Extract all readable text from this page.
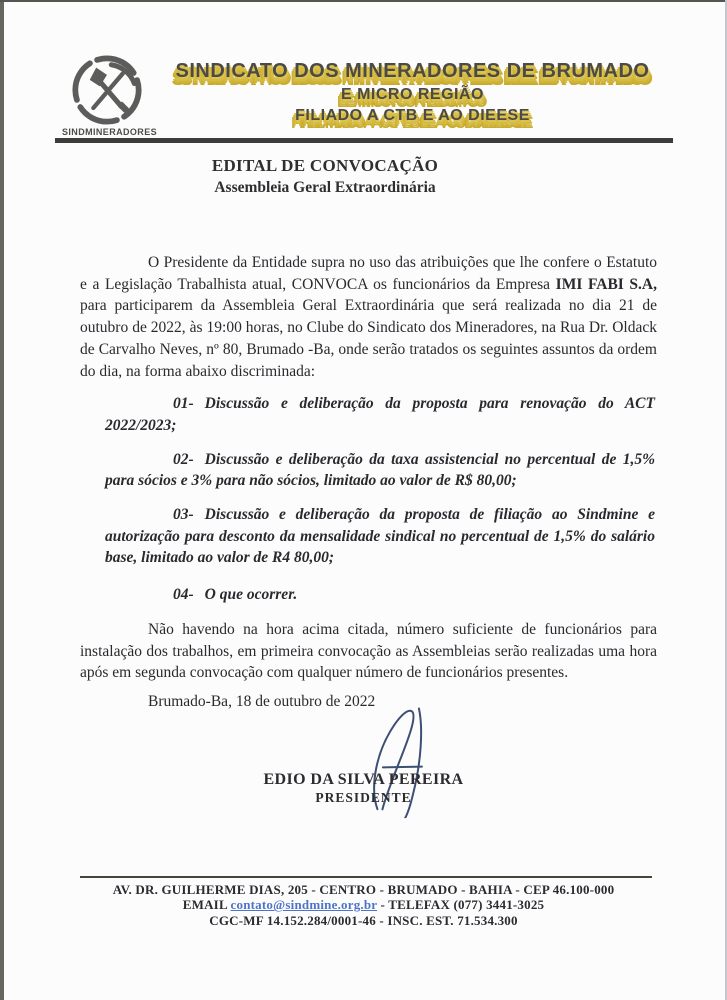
SINDMINERADORES
SINDICATO DOS MINERADORES DE BRUMADO
E MICRO REGIÃO
FILIADO A CTB E AO DIEESE
EDITAL DE CONVOCAÇÃO
Assembleia Geral Extraordinária

O Presidente da Entidade supra no uso das atribuições que lhe confere o Estatuto e a Legislação Trabalhista atual, CONVOCA os funcionários da Empresa IMI FABI S.A, para participarem da Assembleia Geral Extraordinária que será realizada no dia 21 de outubro de 2022, às 19:00 horas, no Clube do Sindicato dos Mineradores, na Rua Dr. Oldack de Carvalho Neves, nº 80, Brumado -Ba, onde serão tratados os seguintes assuntos da ordem do dia, na forma abaixo discriminada:

01- Discussão e deliberação da proposta para renovação do ACT 2022/2023;

02- Discussão e deliberação da taxa assistencial no percentual de 1,5% para sócios e 3% para não sócios, limitado ao valor de R$ 80,00;

03- Discussão e deliberação da proposta de filiação ao Sindmine e autorização para desconto da mensalidade sindical no percentual de 1,5% do salário base, limitado ao valor de R4 80,00;

04- O que ocorrer.

Não havendo na hora acima citada, número suficiente de funcionários para instalação dos trabalhos, em primeira convocação as Assembleias serão realizadas uma hora após em segunda convocação com qualquer número de funcionários presentes.

Brumado-Ba, 18 de outubro de 2022

EDIO DA SILVA PEREIRA
PRESIDENTE
AV. DR. GUILHERME DIAS, 205 - CENTRO - BRUMADO - BAHIA - CEP 46.100-000
EMAIL contato@sindmine.org.br - TELEFAX (077) 3441-3025
CGC-MF 14.152.284/0001-46 - INSC. EST. 71.534.300
